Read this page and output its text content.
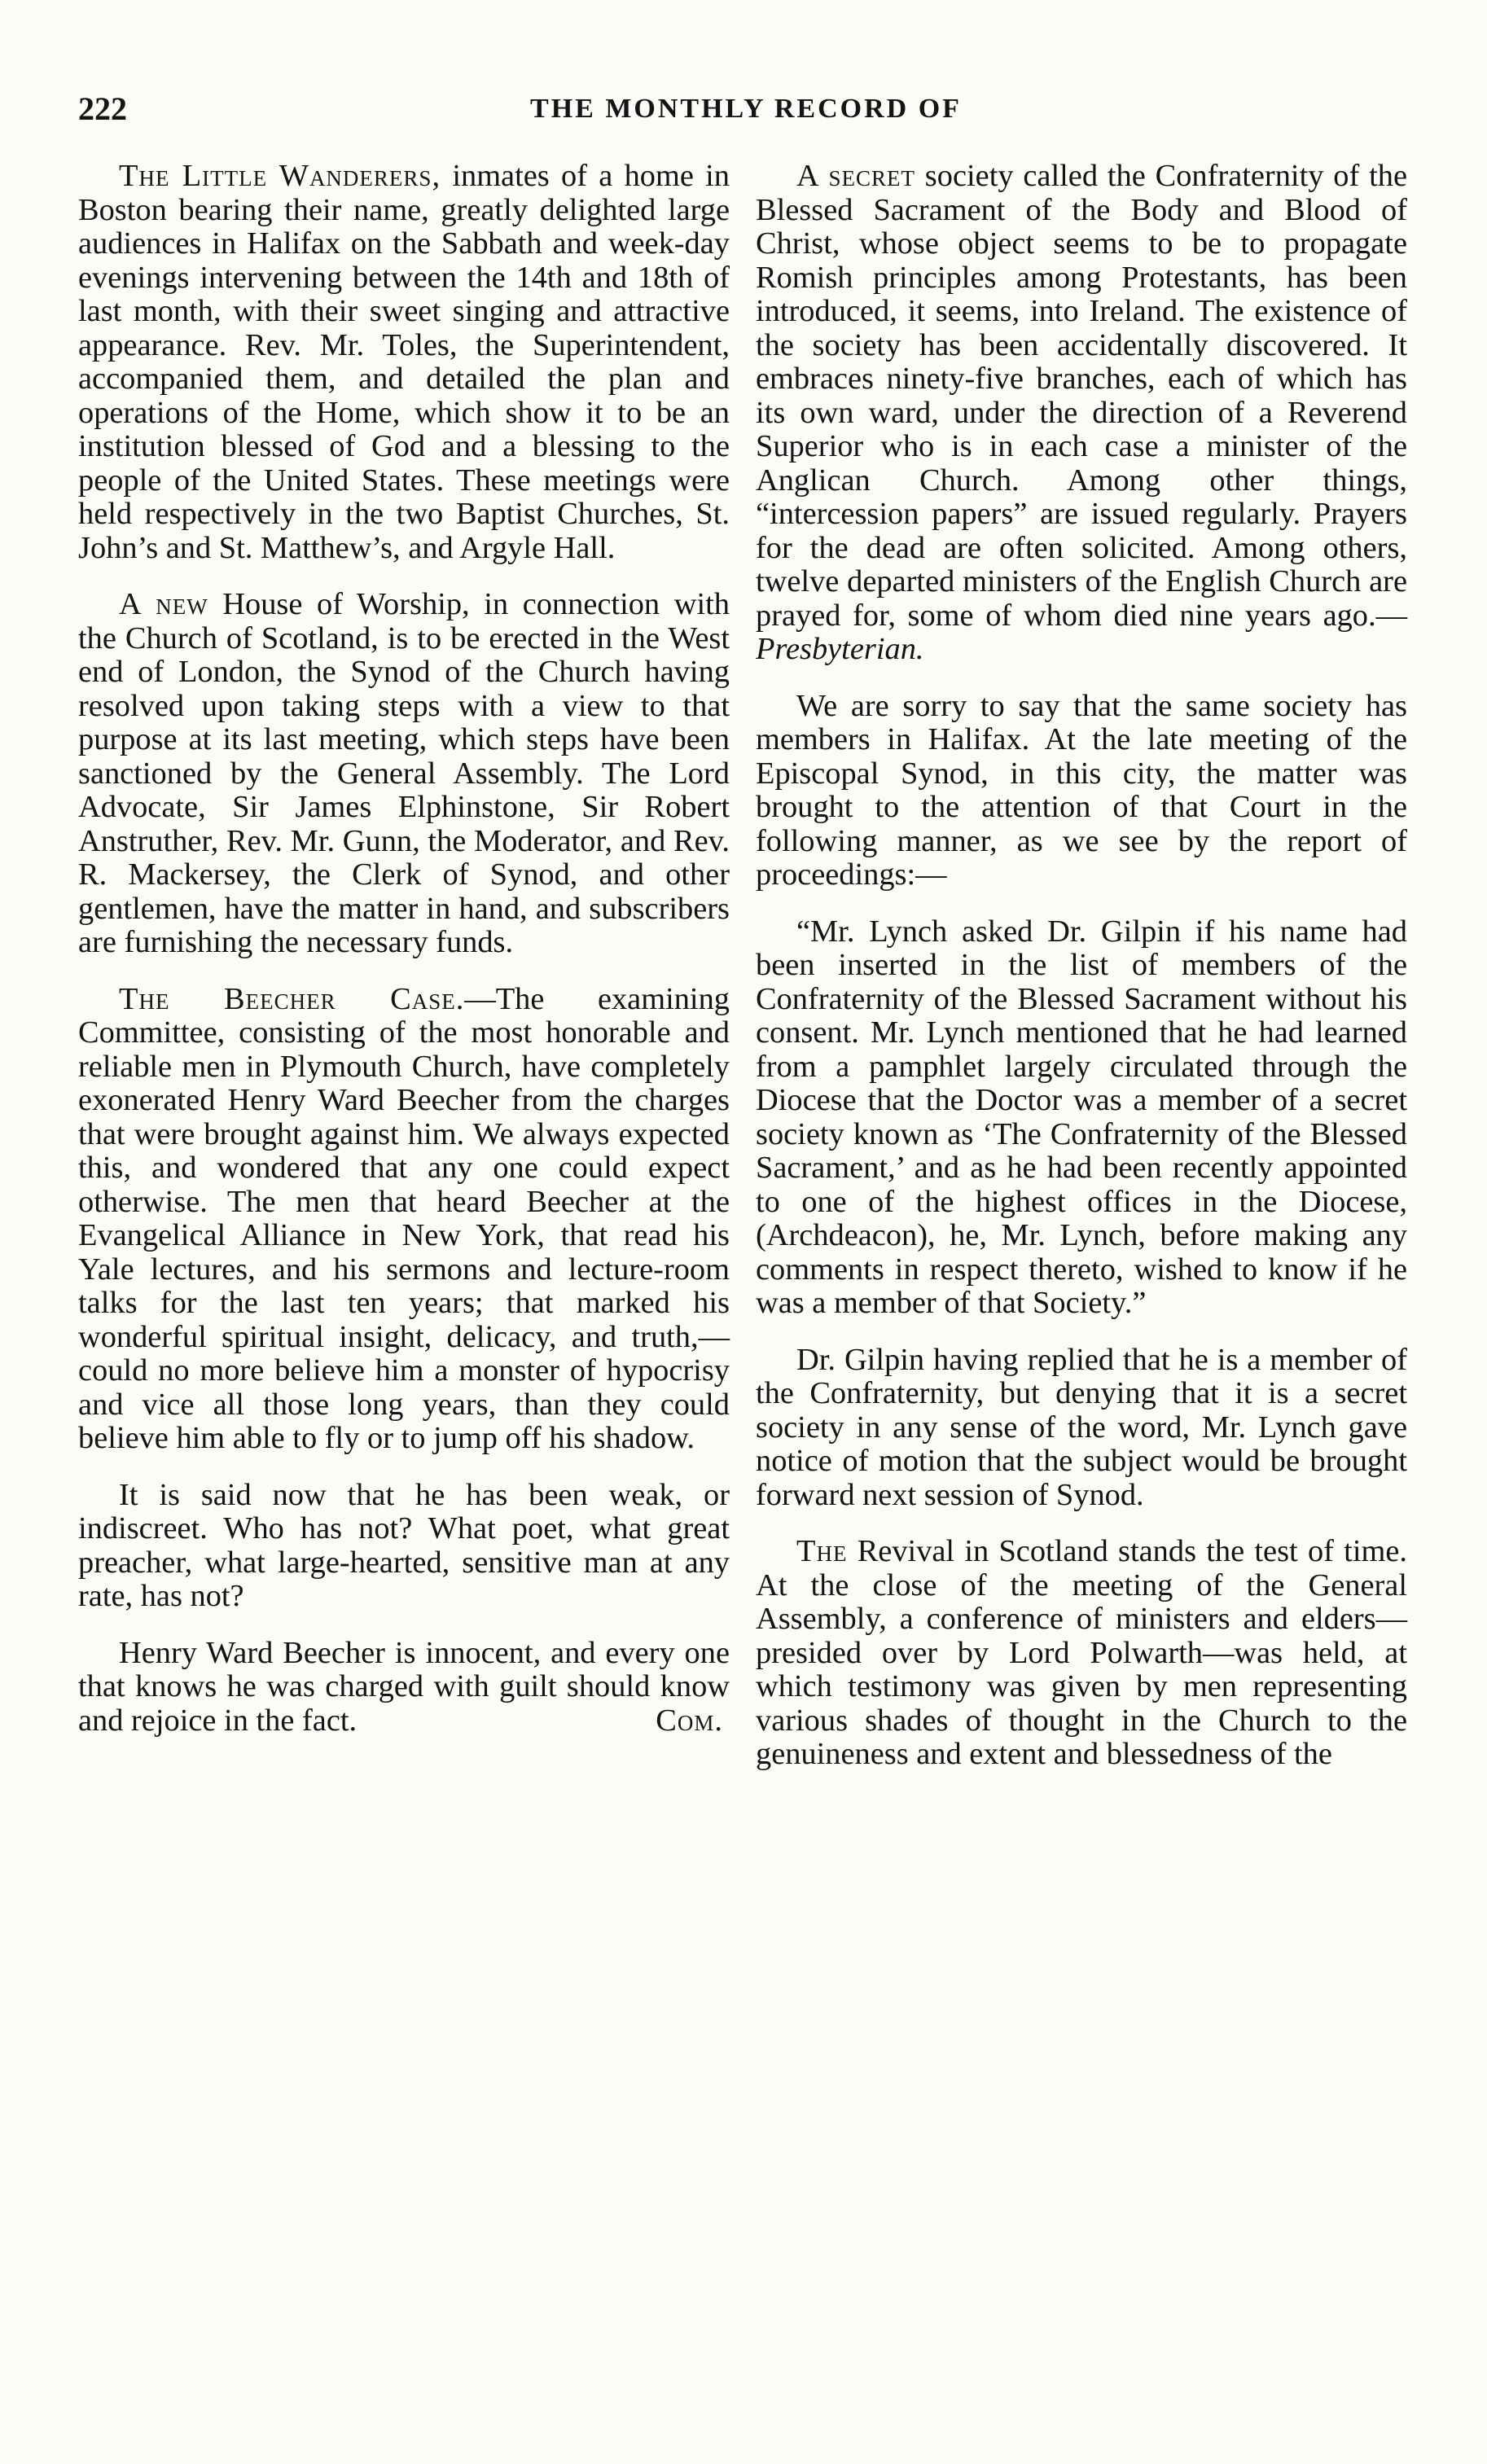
222	THE MONTHLY RECORD OF

The Little Wanderers, inmates of a home in Boston bearing their name, greatly delighted large audiences in Halifax on the Sabbath and week-day evenings intervening between the 14th and 18th of last month, with their sweet singing and attractive appearance. Rev. Mr. Toles, the Superintendent, accompanied them, and detailed the plan and operations of the Home, which show it to be an institution blessed of God and a blessing to the people of the United States. These meetings were held respectively in the two Baptist Churches, St. John’s and St. Matthew’s, and Argyle Hall.

A new House of Worship, in connection with the Church of Scotland, is to be erected in the West end of London, the Synod of the Church having resolved upon taking steps with a view to that purpose at its last meeting, which steps have been sanctioned by the General Assembly. The Lord Advocate, Sir James Elphinstone, Sir Robert Anstruther, Rev. Mr. Gunn, the Moderator, and Rev. R. Mackersey, the Clerk of Synod, and other gentlemen, have the matter in hand, and subscribers are furnishing the necessary funds.

The Beecher Case.—The examining Committee, consisting of the most honorable and reliable men in Plymouth Church, have completely exonerated Henry Ward Beecher from the charges that were brought against him. We always expected this, and wondered that any one could expect otherwise. The men that heard Beecher at the Evangelical Alliance in New York, that read his Yale lectures, and his sermons and lecture-room talks for the last ten years; that marked his wonderful spiritual insight, delicacy, and truth,—could no more believe him a monster of hypocrisy and vice all those long years, than they could believe him able to fly or to jump off his shadow.

It is said now that he has been weak, or indiscreet. Who has not? What poet, what great preacher, what large-hearted, sensitive man at any rate, has not?

Henry Ward Beecher is innocent, and every one that knows he was charged with guilt should know and rejoice in the fact.	Com.

A secret society called the Confraternity of the Blessed Sacrament of the Body and Blood of Christ, whose object seems to be to propagate Romish principles among Protestants, has been introduced, it seems, into Ireland. The existence of the society has been accidentally discovered. It embraces ninety-five branches, each of which has its own ward, under the direction of a Reverend Superior who is in each case a minister of the Anglican Church. Among other things, “intercession papers” are issued regularly. Prayers for the dead are often solicited. Among others, twelve departed ministers of the English Church are prayed for, some of whom died nine years ago.—Presbyterian.

We are sorry to say that the same society has members in Halifax. At the late meeting of the Episcopal Synod, in this city, the matter was brought to the attention of that Court in the following manner, as we see by the report of proceedings:—

“Mr. Lynch asked Dr. Gilpin if his name had been inserted in the list of members of the Confraternity of the Blessed Sacrament without his consent. Mr. Lynch mentioned that he had learned from a pamphlet largely circulated through the Diocese that the Doctor was a member of a secret society known as ‘The Confraternity of the Blessed Sacrament,’ and as he had been recently appointed to one of the highest offices in the Diocese, (Archdeacon), he, Mr. Lynch, before making any comments in respect thereto, wished to know if he was a member of that Society.”

Dr. Gilpin having replied that he is a member of the Confraternity, but denying that it is a secret society in any sense of the word, Mr. Lynch gave notice of motion that the subject would be brought forward next session of Synod.

The Revival in Scotland stands the test of time. At the close of the meeting of the General Assembly, a conference of ministers and elders—presided over by Lord Polwarth—was held, at which testimony was given by men representing various shades of thought in the Church to the genuineness and extent and blessedness of the
